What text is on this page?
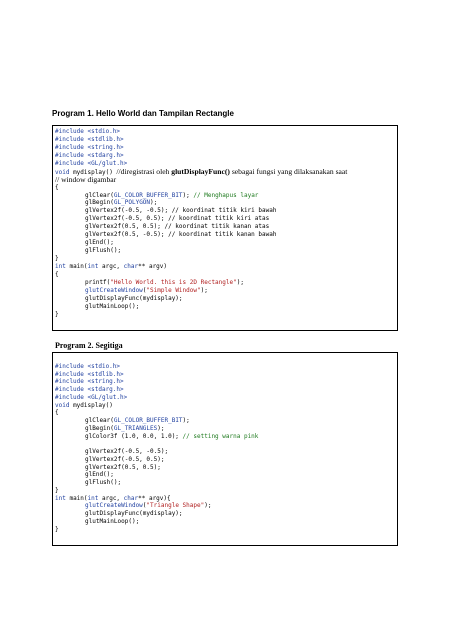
Program 1. Hello World dan Tampilan Rectangle
#include <stdio.h>
#include <stdlib.h>
#include <string.h>
#include <stdarg.h>
#include <GL/glut.h>
void mydisplay() //diregistrasi oleh glutDisplayFunc() sebagai fungsi yang dilaksanakan saat
// window digambar
{
glClear(GL_COLOR_BUFFER_BIT); // Menghapus layar
glBegin(GL_POLYGON);
glVertex2f(-0.5, -0.5); // koordinat titik kiri bawah
glVertex2f(-0.5, 0.5); // koordinat titik kiri atas
glVertex2f(0.5, 0.5); // koordinat titik kanan atas
glVertex2f(0.5, -0.5); // koordinat titik kanan bawah
glEnd();
glFlush();
}
int main(int argc, char** argv)
{
printf("Hello World. this is 2D Rectangle");
glutCreateWindow("Simple Window");
glutDisplayFunc(mydisplay);
glutMainLoop();
}
Program 2. Segitiga
#include <stdio.h>
#include <stdlib.h>
#include <string.h>
#include <stdarg.h>
#include <GL/glut.h>
void mydisplay()
{
glClear(GL_COLOR_BUFFER_BIT);
glBegin(GL_TRIANGLES);
glColor3f (1.0, 0.0, 1.0); // setting warna pink
glVertex2f(-0.5, -0.5);
glVertex2f(-0.5, 0.5);
glVertex2f(0.5, 0.5);
glEnd();
glFlush();
}
int main(int argc, char** argv){
glutCreateWindow("Triangle Shape");
glutDisplayFunc(mydisplay);
glutMainLoop();
}
